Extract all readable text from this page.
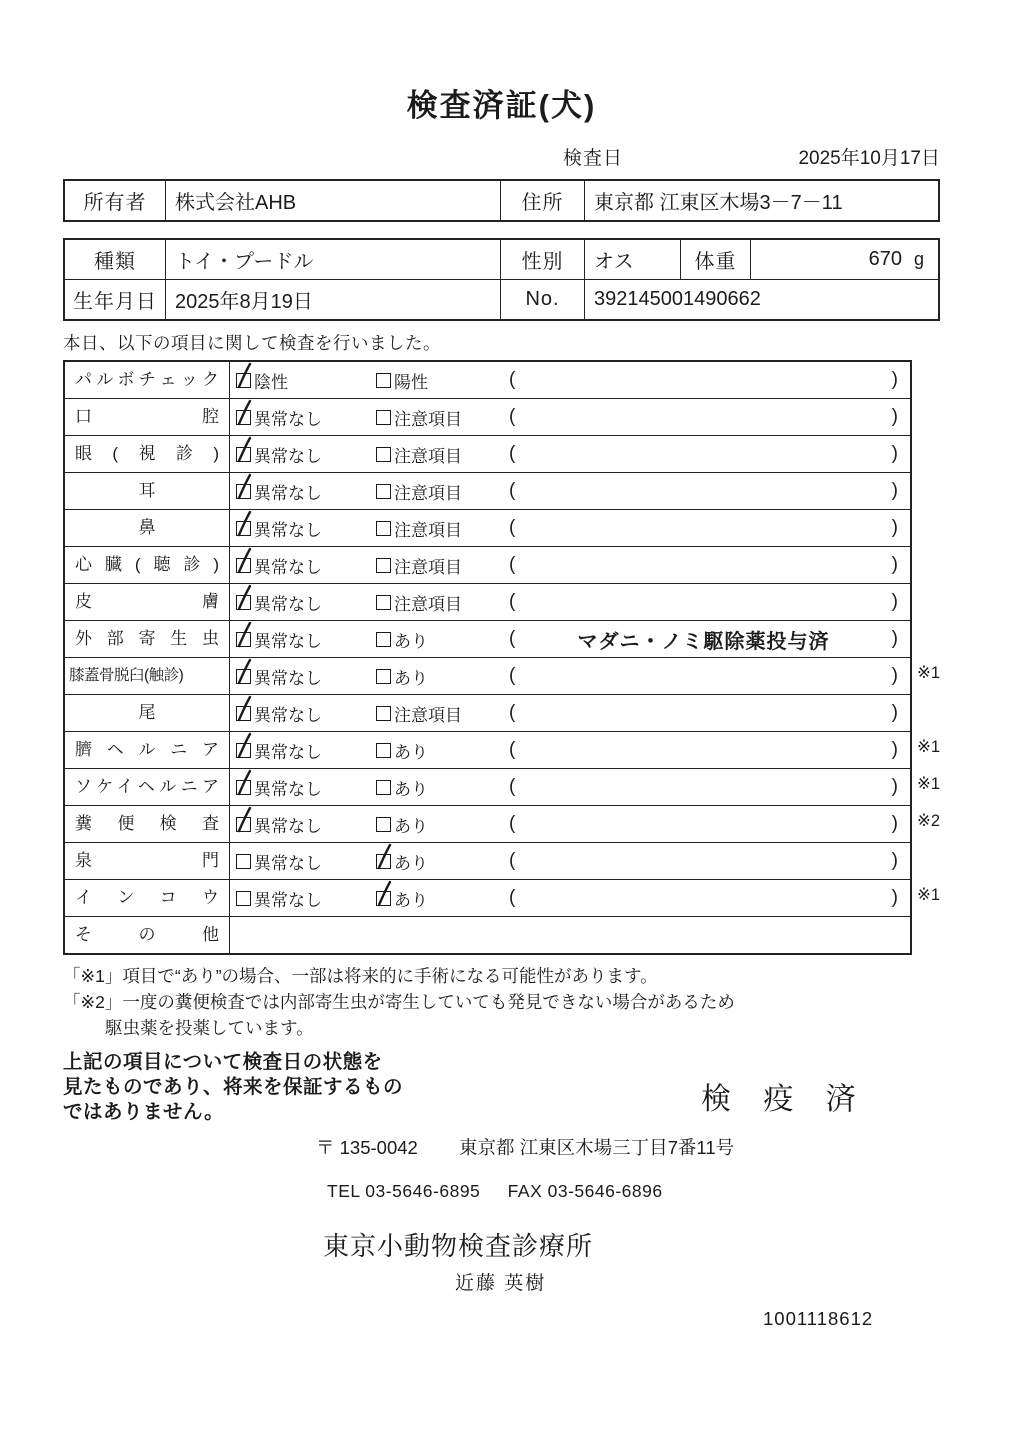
検査済証(犬)
検査日	2025年10月17日
所有者	株式会社AHB	住所	東京都 江東区木場3－7－11
種類	トイ・プードル	性別	オス	体重	670 g
生年月日 2025年8月19日	No.	392145001490662
本日、以下の項目に関して検査を行いました。
パルボチェック	陰性	陽性	(	)
口腔	異常なし	注意項目 (	)
眼(視診)	異常なし	注意項目 (	)
耳	異常なし	注意項目 (	)
鼻	異常なし	注意項目 (	)
心臓(聴診)	異常なし	注意項目 (	)
皮膚	異常なし	注意項目 (	)
外部寄生虫	異常なし	あり	(	マダニ・ノミ駆除薬投与済	)
膝蓋骨脱臼(触診)	異常なし	あり	(	) ※1
尾	異常なし	注意項目 (	)
臍ヘルニア	異常なし	あり	(	) ※1
ソケイヘルニア	異常なし	あり	(	) ※1
糞便検査	異常なし	あり	(	) ※2
泉門	異常なし	あり	(	)
インコウ	異常なし	あり	(	) ※1
その他
「※1」項目で“あり”の場合、一部は将来的に手術になる可能性があります。
「※2」一度の糞便検査では内部寄生虫が寄生していても発見できない場合があるため
駆虫薬を投薬しています。
上記の項目について検査日の状態を
見たものであり、将来を保証するもの
ではありません。	検 疫 済
〒 135-0042 東京都 江東区木場三丁目7番11号
TEL 03-5646-6895 FAX 03-5646-6896
東京小動物検査診療所
近藤 英樹
1001118612
